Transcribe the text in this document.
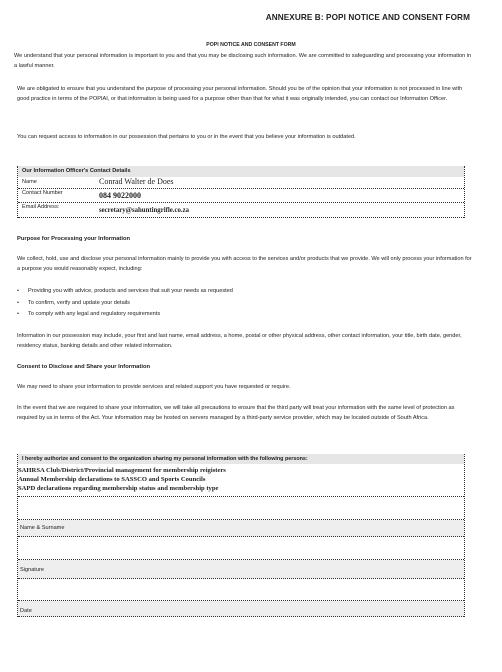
ANNEXURE B: POPI NOTICE AND CONSENT FORM
POPI NOTICE AND CONSENT FORM
We understand that your personal information is important to you and that you may be disclosing such information. We are committed to safeguarding and processing your information in a lawful manner.
We are obligated to ensure that you understand the purpose of processing your personal information. Should you be of the opinion that your information is not processed in line with good practice in terms of the POPIAI, or that information is being used for a purpose other than that for what it was originally intended, you can contact our Information Officer.
You can request access to information in our possession that pertains to you or in the event that you believe your information is outdated.
Our Information Officer's Contact Details
Name	Conrad Walter de Does
Contact Number	084 9022000
Email Address:	secretary@sahuntingrifle.co.za
Purpose for Processing your Information
We collect, hold, use and disclose your personal information mainly to provide you with access to the services and/or products that we provide. We will only process your information for a purpose you would reasonably expect, including:
• Providing you with advice, products and services that suit your needs as requested
• To confirm, verify and update your details
• To comply with any legal and regulatory requirements
Information in our possession may include, your first and last name, email address, a home, postal or other physical address, other contact information, your title, birth date, gender, residency status, banking details and other related information.
Consent to Disclose and Share your Information
We may need to share your information to provide services and related support you have requested or require.
In the event that we are required to share your information, we will take all precautions to ensure that the third party will treat your information with the same level of protection as required by us in terms of the Act. Your information may be hosted on servers managed by a third-party service provider, which may be located outside of South Africa.
I hereby authorize and consent to the organization sharing my personal information with the following persons:
SAHRSA Club/District/Provincial management for membership reigisters
Annual Membership declarations to SASSCO and Sports Councils
SAPD declarations regarding membership status and membership type
Name & Surname
Signature
Date
